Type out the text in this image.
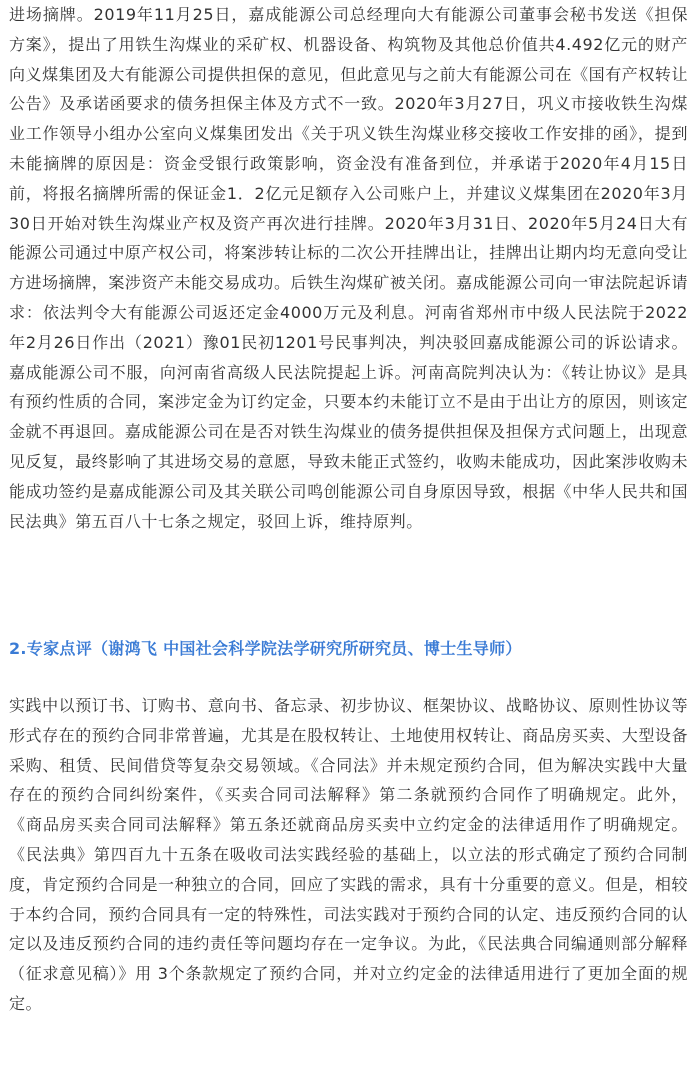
进场摘牌。2019年11月25日，嘉成能源公司总经理向大有能源公司董事会秘书发送《担保方案》，提出了用铁生沟煤业的采矿权、机器设备、构筑物及其他总价值共4.492亿元的财产向义煤集团及大有能源公司提供担保的意见，但此意见与之前大有能源公司在《国有产权转让公告》及承诺函要求的债务担保主体及方式不一致。2020年3月27日，巩义市接收铁生沟煤业工作领导小组办公室向义煤集团发出《关于巩义铁生沟煤业移交接收工作安排的函》，提到未能摘牌的原因是：资金受银行政策影响，资金没有准备到位，并承诺于2020年4月15日前，将报名摘牌所需的保证金1．2亿元足额存入公司账户上，并建议义煤集团在2020年3月30日开始对铁生沟煤业产权及资产再次进行挂牌。2020年3月31日、2020年5月24日大有能源公司通过中原产权公司，将案涉转让标的二次公开挂牌出让，挂牌出让期内均无意向受让方进场摘牌，案涉资产未能交易成功。后铁生沟煤矿被关闭。嘉成能源公司向一审法院起诉请求：依法判令大有能源公司返还定金4000万元及利息。河南省郑州市中级人民法院于2022年2月26日作出（2021）豫01民初1201号民事判决，判决驳回嘉成能源公司的诉讼请求。嘉成能源公司不服，向河南省高级人民法院提起上诉。河南高院判决认为：《转让协议》是具有预约性质的合同，案涉定金为订约定金，只要本约未能订立不是由于出让方的原因，则该定金就不再退回。嘉成能源公司在是否对铁生沟煤业的债务提供担保及担保方式问题上，出现意见反复，最终影响了其进场交易的意愿，导致未能正式签约，收购未能成功，因此案涉收购未能成功签约是嘉成能源公司及其关联公司鸣创能源公司自身原因导致，根据《中华人民共和国民法典》第五百八十七条之规定，驳回上诉，维持原判。

2.专家点评（谢鸿飞 中国社会科学院法学研究所研究员、博士生导师）

实践中以预订书、订购书、意向书、备忘录、初步协议、框架协议、战略协议、原则性协议等形式存在的预约合同非常普遍，尤其是在股权转让、土地使用权转让、商品房买卖、大型设备采购、租赁、民间借贷等复杂交易领域。《合同法》并未规定预约合同，但为解决实践中大量存在的预约合同纠纷案件，《买卖合同司法解释》第二条就预约合同作了明确规定。此外，《商品房买卖合同司法解释》第五条还就商品房买卖中立约定金的法律适用作了明确规定。《民法典》第四百九十五条在吸收司法实践经验的基础上，以立法的形式确定了预约合同制度，肯定预约合同是一种独立的合同，回应了实践的需求，具有十分重要的意义。但是，相较于本约合同，预约合同具有一定的特殊性，司法实践对于预约合同的认定、违反预约合同的认定以及违反预约合同的违约责任等问题均存在一定争议。为此，《民法典合同编通则部分解释（征求意见稿）》用 3个条款规定了预约合同，并对立约定金的法律适用进行了更加全面的规定。
